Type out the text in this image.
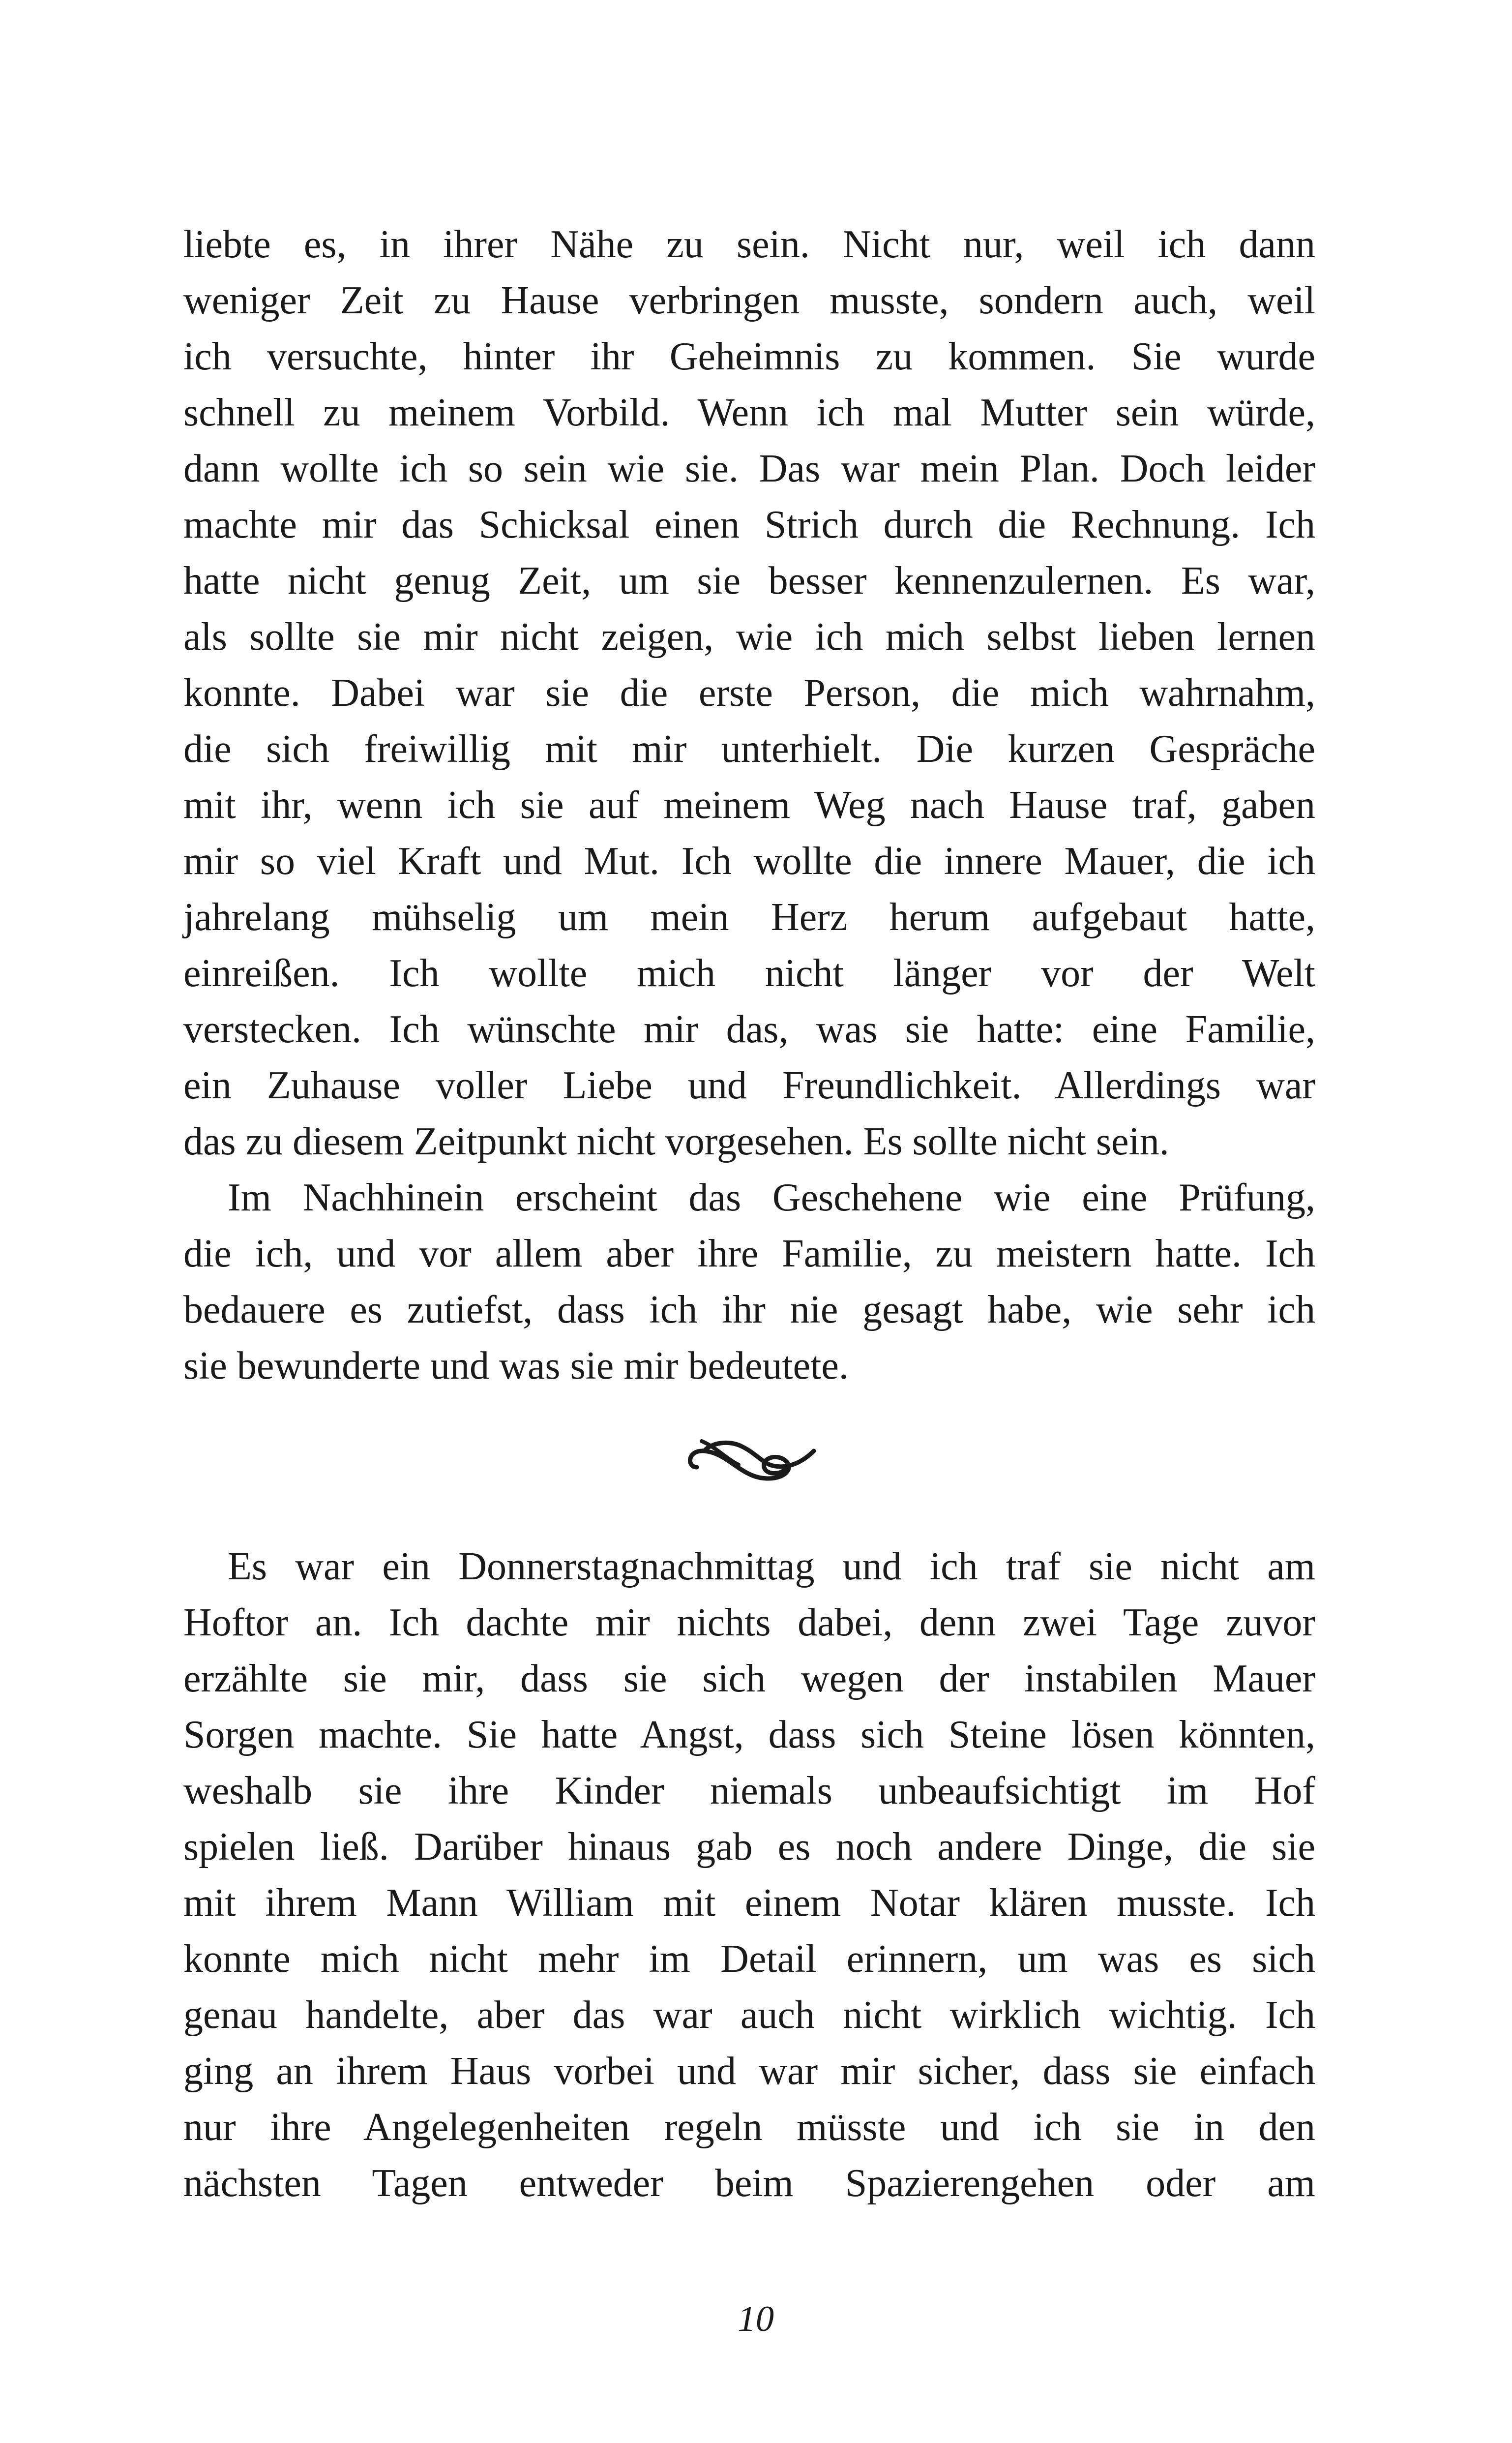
liebte es, in ihrer Nähe zu sein. Nicht nur, weil ich dann
weniger Zeit zu Hause verbringen musste, sondern auch, weil
ich versuchte, hinter ihr Geheimnis zu kommen. Sie wurde
schnell zu meinem Vorbild. Wenn ich mal Mutter sein würde,
dann wollte ich so sein wie sie. Das war mein Plan. Doch leider
machte mir das Schicksal einen Strich durch die Rechnung. Ich
hatte nicht genug Zeit, um sie besser kennenzulernen. Es war,
als sollte sie mir nicht zeigen, wie ich mich selbst lieben lernen
konnte. Dabei war sie die erste Person, die mich wahrnahm,
die sich freiwillig mit mir unterhielt. Die kurzen Gespräche
mit ihr, wenn ich sie auf meinem Weg nach Hause traf, gaben
mir so viel Kraft und Mut. Ich wollte die innere Mauer, die ich
jahrelang mühselig um mein Herz herum aufgebaut hatte,
einreißen. Ich wollte mich nicht länger vor der Welt
verstecken. Ich wünschte mir das, was sie hatte: eine Familie,
ein Zuhause voller Liebe und Freundlichkeit. Allerdings war
das zu diesem Zeitpunkt nicht vorgesehen. Es sollte nicht sein.
Im Nachhinein erscheint das Geschehene wie eine Prüfung,
die ich, und vor allem aber ihre Familie, zu meistern hatte. Ich
bedauere es zutiefst, dass ich ihr nie gesagt habe, wie sehr ich
sie bewunderte und was sie mir bedeutete.
Es war ein Donnerstagnachmittag und ich traf sie nicht am
Hoftor an. Ich dachte mir nichts dabei, denn zwei Tage zuvor
erzählte sie mir, dass sie sich wegen der instabilen Mauer
Sorgen machte. Sie hatte Angst, dass sich Steine lösen könnten,
weshalb sie ihre Kinder niemals unbeaufsichtigt im Hof
spielen ließ. Darüber hinaus gab es noch andere Dinge, die sie
mit ihrem Mann William mit einem Notar klären musste. Ich
konnte mich nicht mehr im Detail erinnern, um was es sich
genau handelte, aber das war auch nicht wirklich wichtig. Ich
ging an ihrem Haus vorbei und war mir sicher, dass sie einfach
nur ihre Angelegenheiten regeln müsste und ich sie in den
nächsten Tagen entweder beim Spazierengehen oder am
10
